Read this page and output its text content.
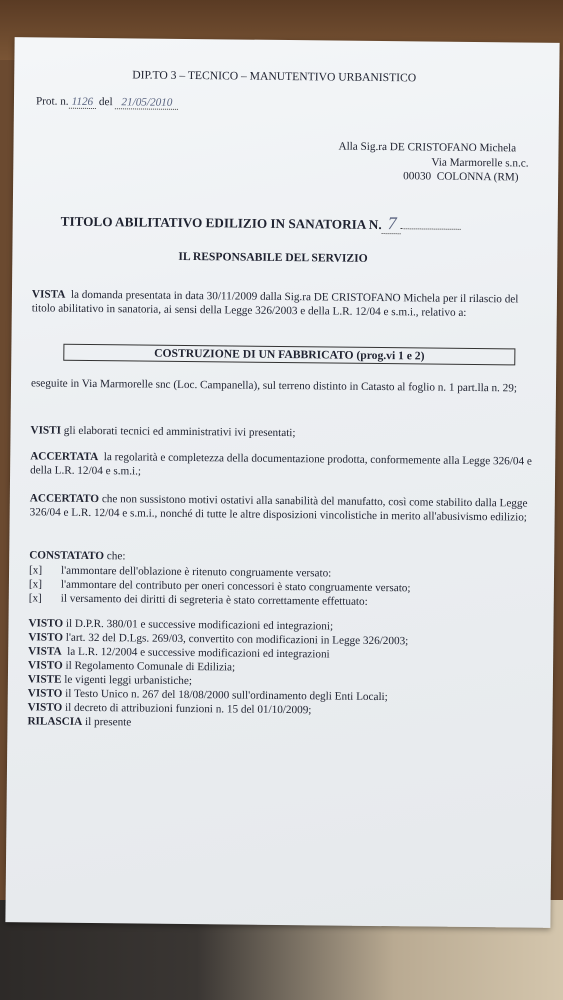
DIP.TO 3 – TECNICO – MANUTENTIVO URBANISTICO
Prot. n. 1126 del 21/05/2010
Alla Sig.ra DE CRISTOFANO Michela
Via Marmorelle s.n.c.
00030 COLONNA (RM)
TITOLO ABILITATIVO EDILIZIO IN SANATORIA N. 7
IL RESPONSABILE DEL SERVIZIO
VISTA la domanda presentata in data 30/11/2009 dalla Sig.ra DE CRISTOFANO Michela per il rilascio del titolo abilitativo in sanatoria, ai sensi della Legge 326/2003 e della L.R. 12/04 e s.m.i., relativo a:
COSTRUZIONE DI UN FABBRICATO (prog.vi 1 e 2)
eseguite in Via Marmorelle snc (Loc. Campanella), sul terreno distinto in Catasto al foglio n. 1 part.lla n. 29;
VISTI gli elaborati tecnici ed amministrativi ivi presentati;
ACCERTATA la regolarità e completezza della documentazione prodotta, conformemente alla Legge 326/04 e della L.R. 12/04 e s.m.i.;
ACCERTATO che non sussistono motivi ostativi alla sanabilità del manufatto, così come stabilito dalla Legge 326/04 e L.R. 12/04 e s.m.i., nonché di tutte le altre disposizioni vincolistiche in merito all'abusivismo edilizio;
CONSTATATO che:
[x] l'ammontare dell'oblazione è ritenuto congruamente versato:
[x] l'ammontare del contributo per oneri concessori è stato congruamente versato;
[x] il versamento dei diritti di segreteria è stato correttamente effettuato:
VISTO il D.P.R. 380/01 e successive modificazioni ed integrazioni;
VISTO l'art. 32 del D.Lgs. 269/03, convertito con modificazioni in Legge 326/2003;
VISTA la L.R. 12/2004 e successive modificazioni ed integrazioni
VISTO il Regolamento Comunale di Edilizia;
VISTE le vigenti leggi urbanistiche;
VISTO il Testo Unico n. 267 del 18/08/2000 sull'ordinamento degli Enti Locali;
VISTO il decreto di attribuzioni funzioni n. 15 del 01/10/2009;
RILASCIA il presente
